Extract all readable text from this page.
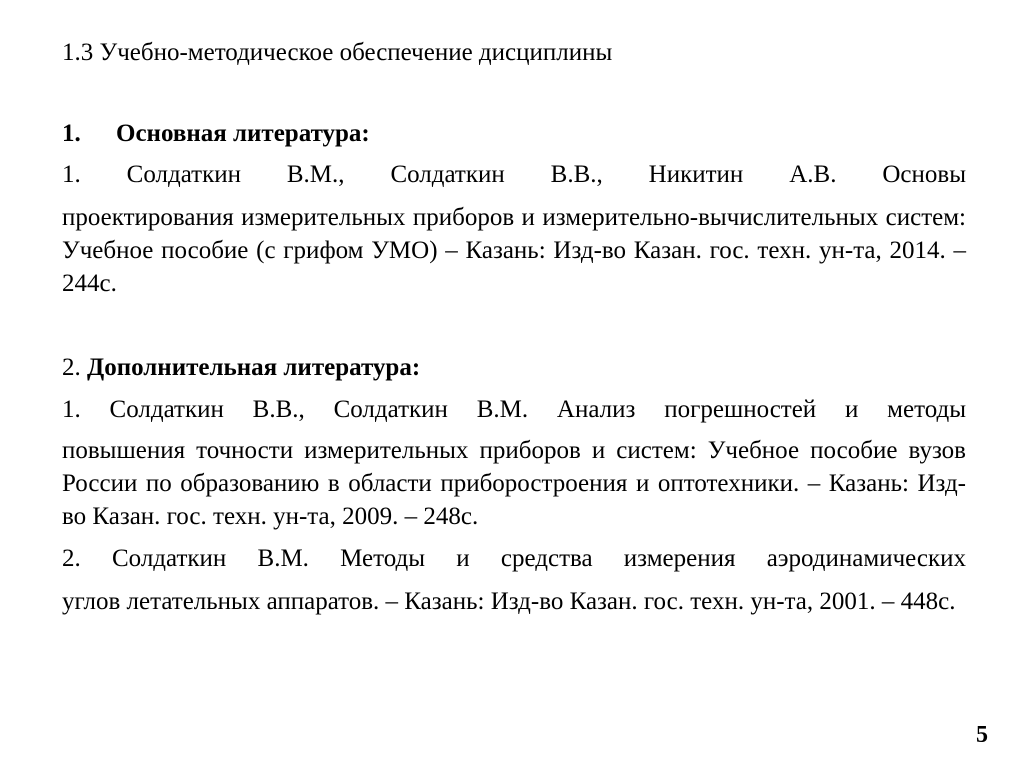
1.3 Учебно-методическое обеспечение дисциплины
1. Основная литература:
1. Солдаткин В.М., Солдаткин В.В., Никитин А.В. Основы
проектирования измерительных приборов и измерительно-вычислительных систем: Учебное пособие (с грифом УМО) – Казань: Изд-во Казан. гос. техн. ун-та, 2014. – 244с.
2. Дополнительная литература:
1. Солдаткин В.В., Солдаткин В.М. Анализ погрешностей и методы
повышения точности измерительных приборов и систем: Учебное пособие вузов России по образованию в области приборостроения и оптотехники. – Казань: Изд-во Казан. гос. техн. ун-та, 2009. – 248с.
2. Солдаткин В.М. Методы и средства измерения аэродинамических
углов летательных аппаратов. – Казань: Изд-во Казан. гос. техн. ун-та, 2001. – 448с.
5
